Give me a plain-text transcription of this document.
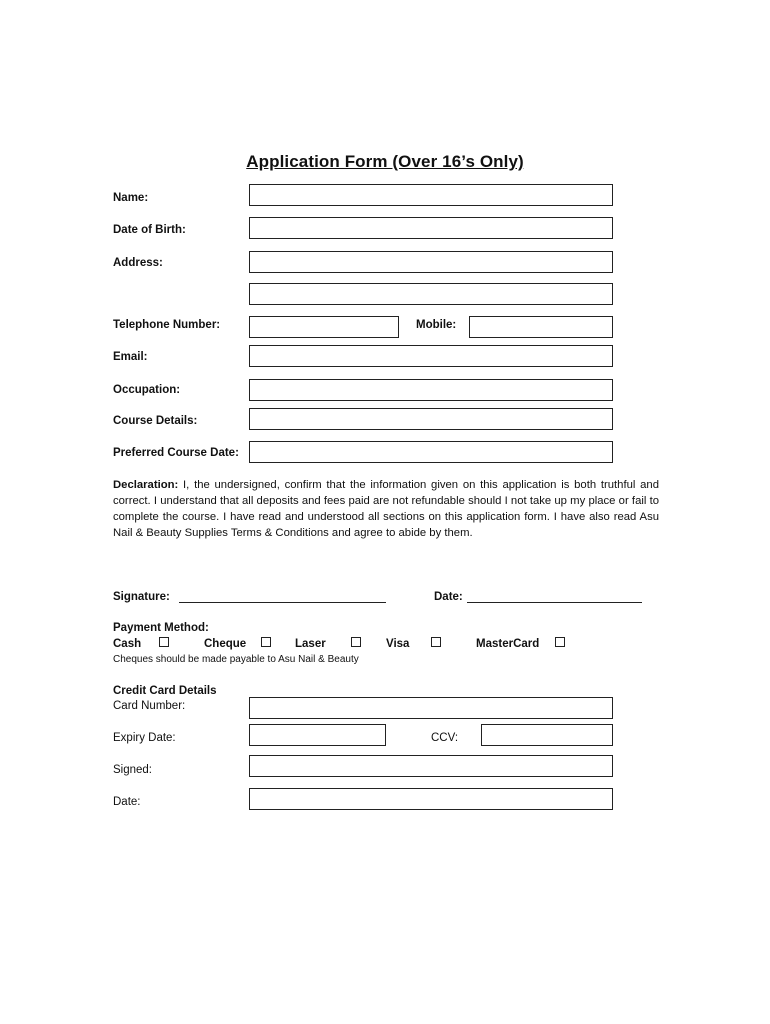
Application Form (Over 16’s Only)
Name:
Date of Birth:
Address:
Telephone Number:	Mobile:
Email:
Occupation:
Course Details:
Preferred Course Date:
Declaration: I, the undersigned, confirm that the information given on this application is both truthful and correct. I understand that all deposits and fees paid are not refundable should I not take up my place or fail to complete the course. I have read and understood all sections on this application form. I have also read Asu Nail & Beauty Supplies Terms & Conditions and agree to abide by them.
Signature:	Date:
Payment Method:
Cash	Cheque	Laser	Visa	MasterCard
Cheques should be made payable to Asu Nail & Beauty
Credit Card Details
Card Number:
Expiry Date:	CCV:
Signed:
Date:
